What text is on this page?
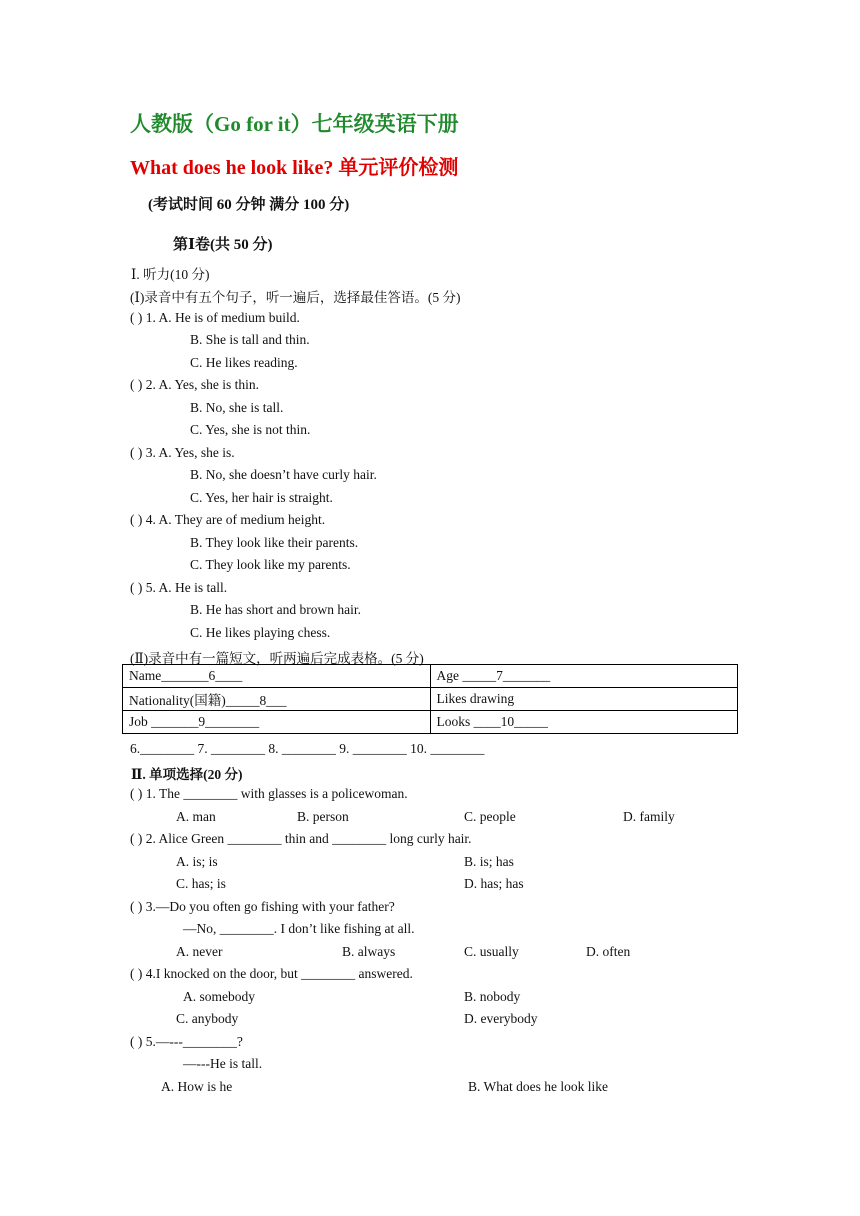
人教版（Go for it）七年级英语下册
What does he look like? 单元评价检测
(考试时间 60 分钟 满分 100 分)
第Ⅰ卷(共 50 分)
Ⅰ. 听力(10 分)
(Ⅰ)录音中有五个句子，听一遍后，选择最佳答语。(5 分)
( ) 1. A. He is of medium build.
B. She is tall and thin.
C. He likes reading.
( ) 2. A. Yes, she is thin.
B. No, she is tall.
C. Yes, she is not thin.
( ) 3. A. Yes, she is.
B. No, she doesn’t have curly hair.
C. Yes, her hair is straight.
( ) 4. A. They are of medium height.
B. They look like their parents.
C. They look like my parents.
( ) 5. A. He is tall.
B. He has short and brown hair.
C. He likes playing chess.
(Ⅱ)录音中有一篇短文，听两遍后完成表格。(5 分)
Name_______6____	Age _____7_______
Nationality(国籍)_____8___	Likes drawing
Job _______9________	Looks ____10_____
6.________ 7. ________ 8. ________ 9. ________ 10. ________
Ⅱ. 单项选择(20 分)
( ) 1. The ________ with glasses is a policewoman.
A. man	B. person	C. people	D. family
( ) 2. Alice Green ________ thin and ________ long curly hair.
A. is; is	B. is; has
C. has; is	D. has; has
( ) 3.—Do you often go fishing with your father?
—No, ________. I don’t like fishing at all.
A. never	B. always	C. usually	D. often
( ) 4.I knocked on the door, but ________ answered.
A. somebody	B. nobody
C. anybody	D. everybody
( ) 5.—---________?
—---He is tall.
A. How is he	B. What does he look like
